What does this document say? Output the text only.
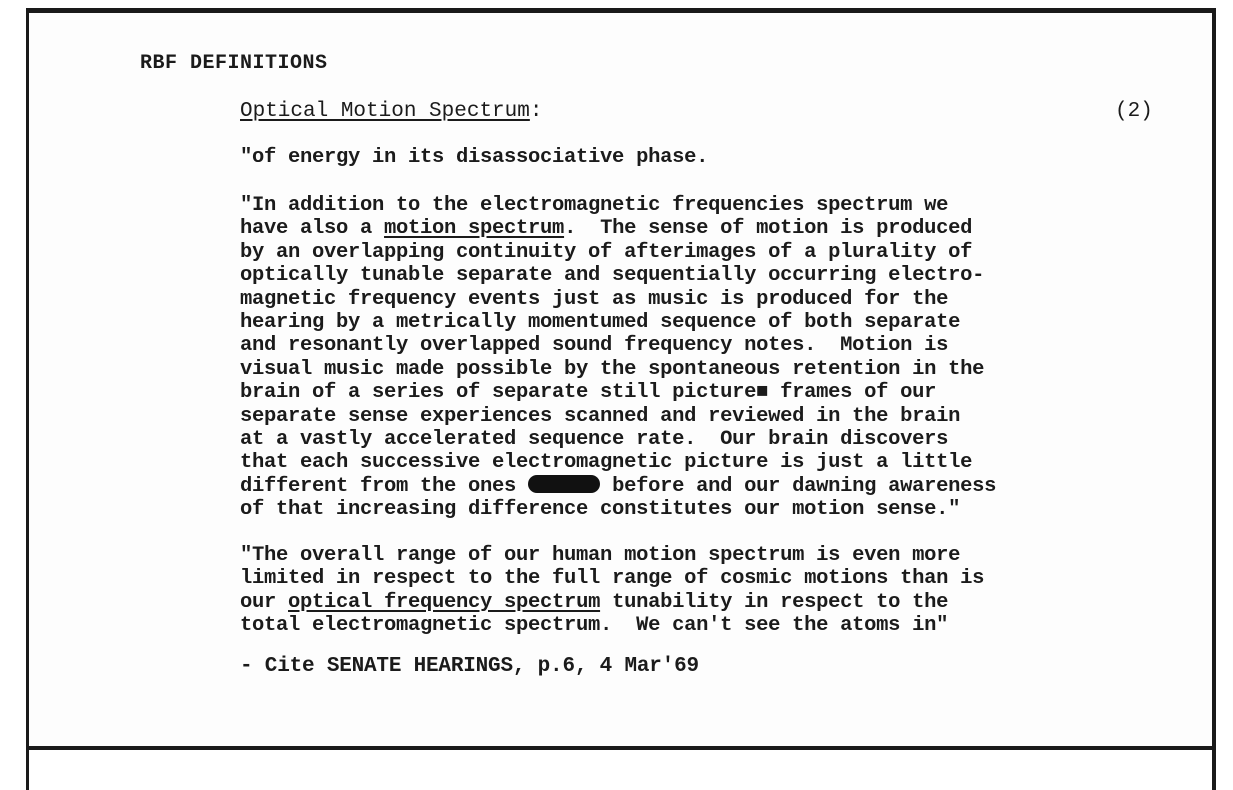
RBF DEFINITIONS
Optical Motion Spectrum:	(2)
"of energy in its disassociative phase.
"In addition to the electromagnetic frequencies spectrum we
have also a motion spectrum.  The sense of motion is produced
by an overlapping continuity of afterimages of a plurality of
optically tunable separate and sequentially occurring electro-
magnetic frequency events just as music is produced for the
hearing by a metrically momentumed sequence of both separate
and resonantly overlapped sound frequency notes.  Motion is
visual music made possible by the spontaneous retention in the
brain of a series of separate still picture■ frames of our
separate sense experiences scanned and reviewed in the brain
at a vastly accelerated sequence rate.  Our brain discovers
that each successive electromagnetic picture is just a little
different from the ones	before and our dawning awareness
of that increasing difference constitutes our motion sense."
"The overall range of our human motion spectrum is even more
limited in respect to the full range of cosmic motions than is
our optical frequency spectrum tunability in respect to the
total electromagnetic spectrum.  We can't see the atoms in"
- Cite SENATE HEARINGS, p.6, 4 Mar'69
